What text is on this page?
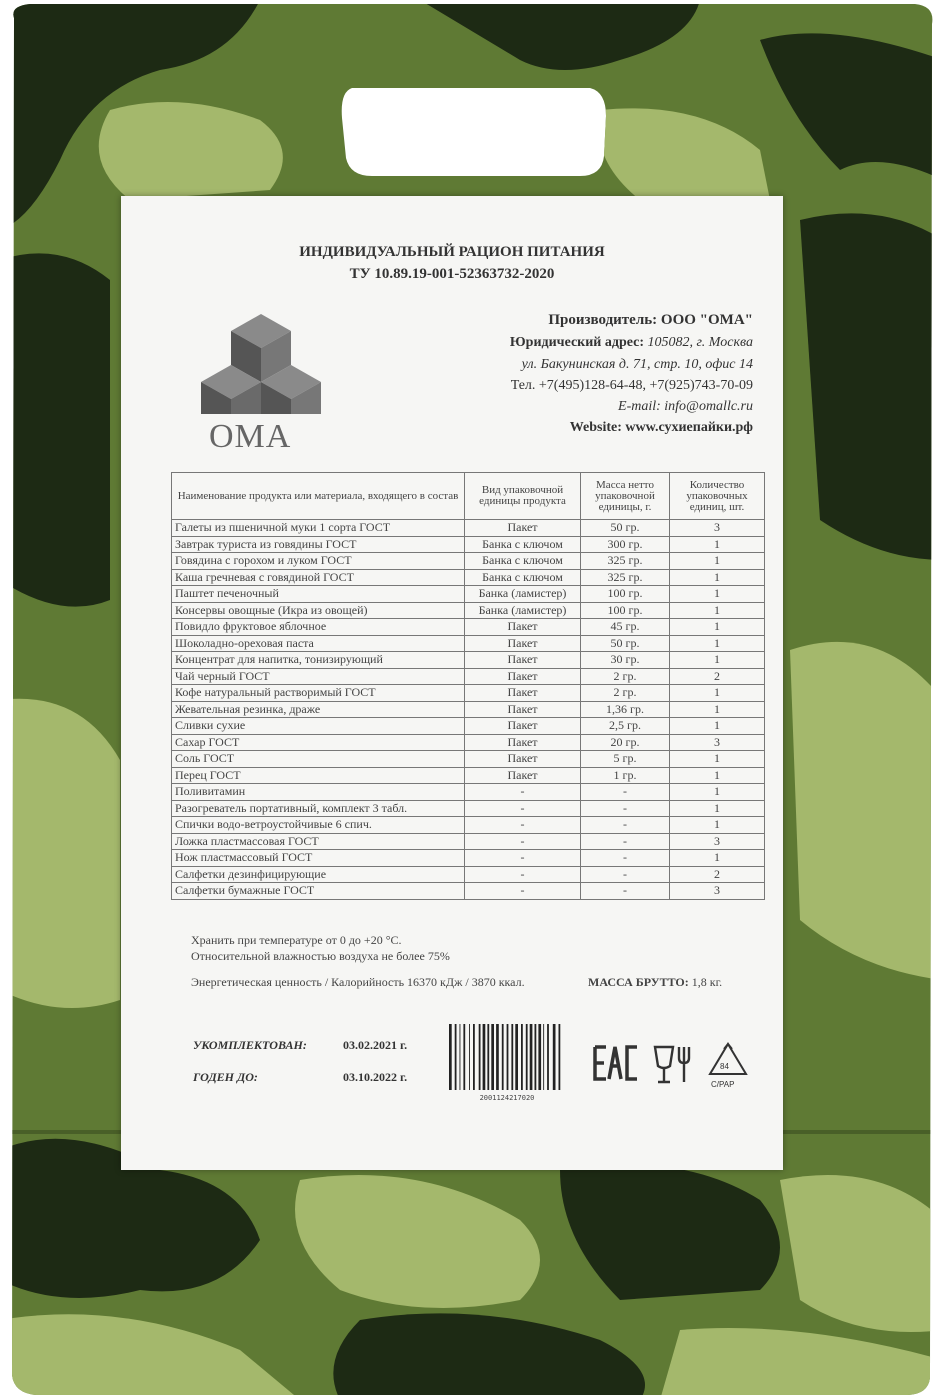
ИНДИВИДУАЛЬНЫЙ РАЦИОН ПИТАНИЯ
ТУ 10.89.19-001-52363732-2020
OMA
Производитель: ООО "ОМА"
Юридический адрес: 105082, г. Москва
ул. Бакунинская д. 71, стр. 10, офис 14
Тел. +7(495)128-64-48, +7(925)743-70-09
E-mail: info@omallc.ru
Website: www.сухиепайки.рф
Наименование продукта или материала, входящего в состав	Вид упаковочной единицы продукта	Масса нетто упаковочной единицы, г.	Количество упаковочных единиц, шт.
Галеты из пшеничной муки 1 сорта ГОСТ	Пакет	50 гр.	3
Завтрак туриста из говядины ГОСТ	Банка с ключом	300 гр.	1
Говядина с горохом и луком ГОСТ	Банка с ключом	325 гр.	1
Каша гречневая с говядиной ГОСТ	Банка с ключом	325 гр.	1
Паштет печеночный	Банка (ламистер)	100 гр.	1
Консервы овощные (Икра из овощей)	Банка (ламистер)	100 гр.	1
Повидло фруктовое яблочное	Пакет	45 гр.	1
Шоколадно-ореховая паста	Пакет	50 гр.	1
Концентрат для напитка, тонизирующий	Пакет	30 гр.	1
Чай черный ГОСТ	Пакет	2 гр.	2
Кофе натуральный растворимый ГОСТ	Пакет	2 гр.	1
Жевательная резинка, драже	Пакет	1,36 гр.	1
Сливки сухие	Пакет	2,5 гр.	1
Сахар ГОСТ	Пакет	20 гр.	3
Соль ГОСТ	Пакет	5 гр.	1
Перец ГОСТ	Пакет	1 гр.	1
Поливитамин	-	-	1
Разогреватель портативный, комплект 3 табл.	-	-	1
Спички водо-ветроустойчивые 6 спич.	-	-	1
Ложка пластмассовая ГОСТ	-	-	3
Нож пластмассовый ГОСТ	-	-	1
Салфетки дезинфицирующие	-	-	2
Салфетки бумажные ГОСТ	-	-	3
Хранить при температуре от 0 до +20 °С.
Относительной влажностью воздуха не более 75%
Энергетическая ценность / Калорийность 16370 кДж / 3870 ккал.	МАССА БРУТТО: 1,8 кг.
УКОМПЛЕКТОВАН:	03.02.2021 г.
ГОДЕН ДО:	03.10.2022 г.
2001124217020
84
C/PAP
